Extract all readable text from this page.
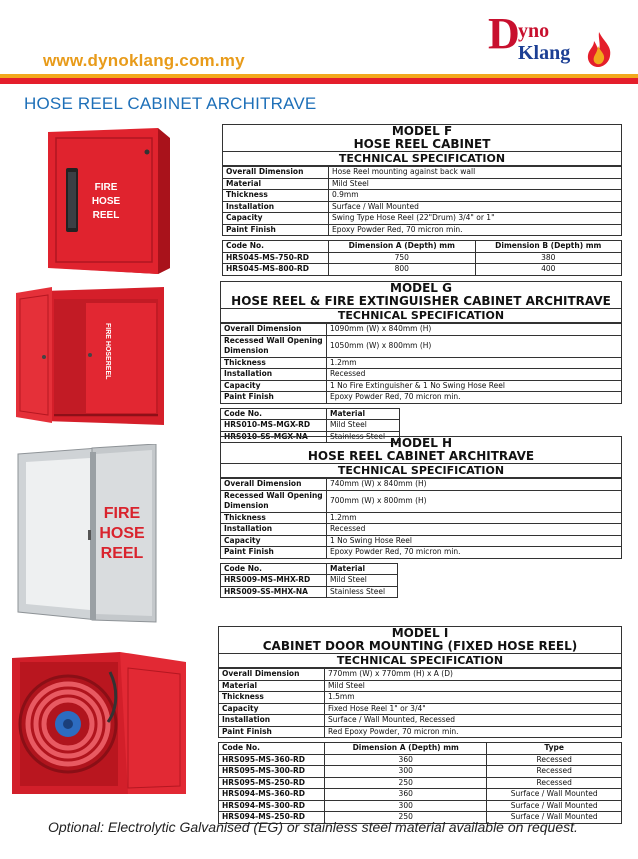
www.dynoklang.com.my
D
yno
Klang
HOSE REEL CABINET ARCHITRAVE
FIRE
HOSE
REEL
FIRE HOSEREEL
FIRE
HOSE
REEL
MODEL F
HOSE REEL CABINET
TECHNICAL SPECIFICATION
Overall Dimension	Hose Reel mounting against back wall
Material	Mild Steel
Thickness	0.9mm
Installation	Surface / Wall Mounted
Capacity	Swing Type Hose Reel (22"Drum) 3/4" or 1"
Paint Finish	Epoxy Powder Red, 70 micron min.
Code No.	Dimension A (Depth) mm	Dimension B (Depth) mm
HRS045-MS-750-RD	750	380
HRS045-MS-800-RD	800	400
MODEL G
HOSE REEL & FIRE EXTINGUISHER CABINET ARCHITRAVE
TECHNICAL SPECIFICATION
Overall Dimension	1090mm (W) x 840mm (H)
Recessed Wall Opening Dimension	1050mm (W) x 800mm (H)
Thickness	1.2mm
Installation	Recessed
Capacity	1 No Fire Extinguisher & 1 No Swing Hose Reel
Paint Finish	Epoxy Powder Red, 70 micron min.
Code No.	Material
HRS010-MS-MGX-RD	Mild Steel
HRS010-SS-MGX-NA	Stainless Steel MODEL H
HOSE REEL CABINET ARCHITRAVE
TECHNICAL SPECIFICATION
Overall Dimension	740mm (W) x 840mm (H)
Recessed Wall Opening Dimension	700mm (W) x 800mm (H)
Thickness	1.2mm
Installation	Recessed
Capacity	1 No Swing Hose Reel
Paint Finish	Epoxy Powder Red, 70 micron min.
Code No.	Material
HRS009-MS-MHX-RD	Mild Steel
HRS009-SS-MHX-NA	Stainless Steel
MODEL I
CABINET DOOR MOUNTING (FIXED HOSE REEL)
TECHNICAL SPECIFICATION
Overall Dimension	770mm (W) x 770mm (H) x A (D)
Material	Mild Steel
Thickness	1.5mm
Capacity	Fixed Hose Reel 1" or 3/4"
Installation	Surface / Wall Mounted, Recessed
Paint Finish	Red Epoxy Powder, 70 micron min.
Code No.	Dimension A (Depth) mm	Type
HRS095-MS-360-RD	360	Recessed
HRS095-MS-300-RD	300	Recessed
HRS095-MS-250-RD	250	Recessed
HRS094-MS-360-RD	360	Surface / Wall Mounted
HRS094-MS-300-RD	300	Surface / Wall Mounted
HRS094-MS-250-RD	250	Surface / Wall Mounted
Optional: Electrolytic Galvanised (EG) or stainless steel material available on request.
